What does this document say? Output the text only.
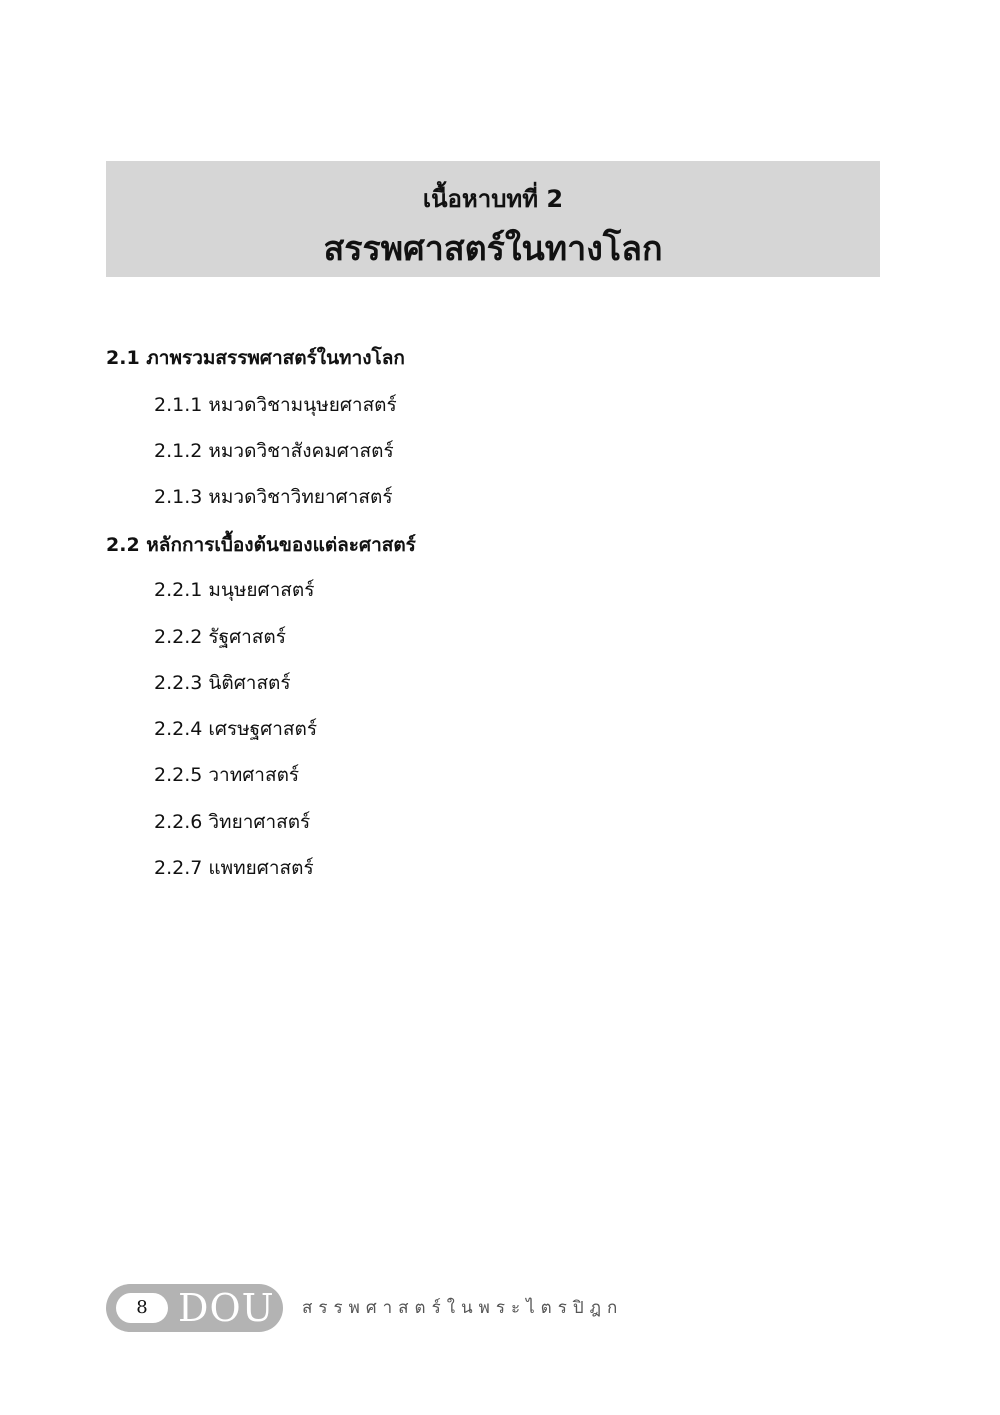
เนื้อหาบทที่ 2
สรรพศาสตร์ในทางโลก
2.1 ภาพรวมสรรพศาสตร์ในทางโลก
2.1.1 หมวดวิชามนุษยศาสตร์
2.1.2 หมวดวิชาสังคมศาสตร์
2.1.3 หมวดวิชาวิทยาศาสตร์
2.2 หลักการเบื้องต้นของแต่ละศาสตร์
2.2.1 มนุษยศาสตร์
2.2.2 รัฐศาสตร์
2.2.3 นิติศาสตร์
2.2.4 เศรษฐศาสตร์
2.2.5 วาทศาสตร์
2.2.6 วิทยาศาสตร์
2.2.7 แพทยศาสตร์
8 DOU สรรพศาสตร์ในพระไตรปิฎก
